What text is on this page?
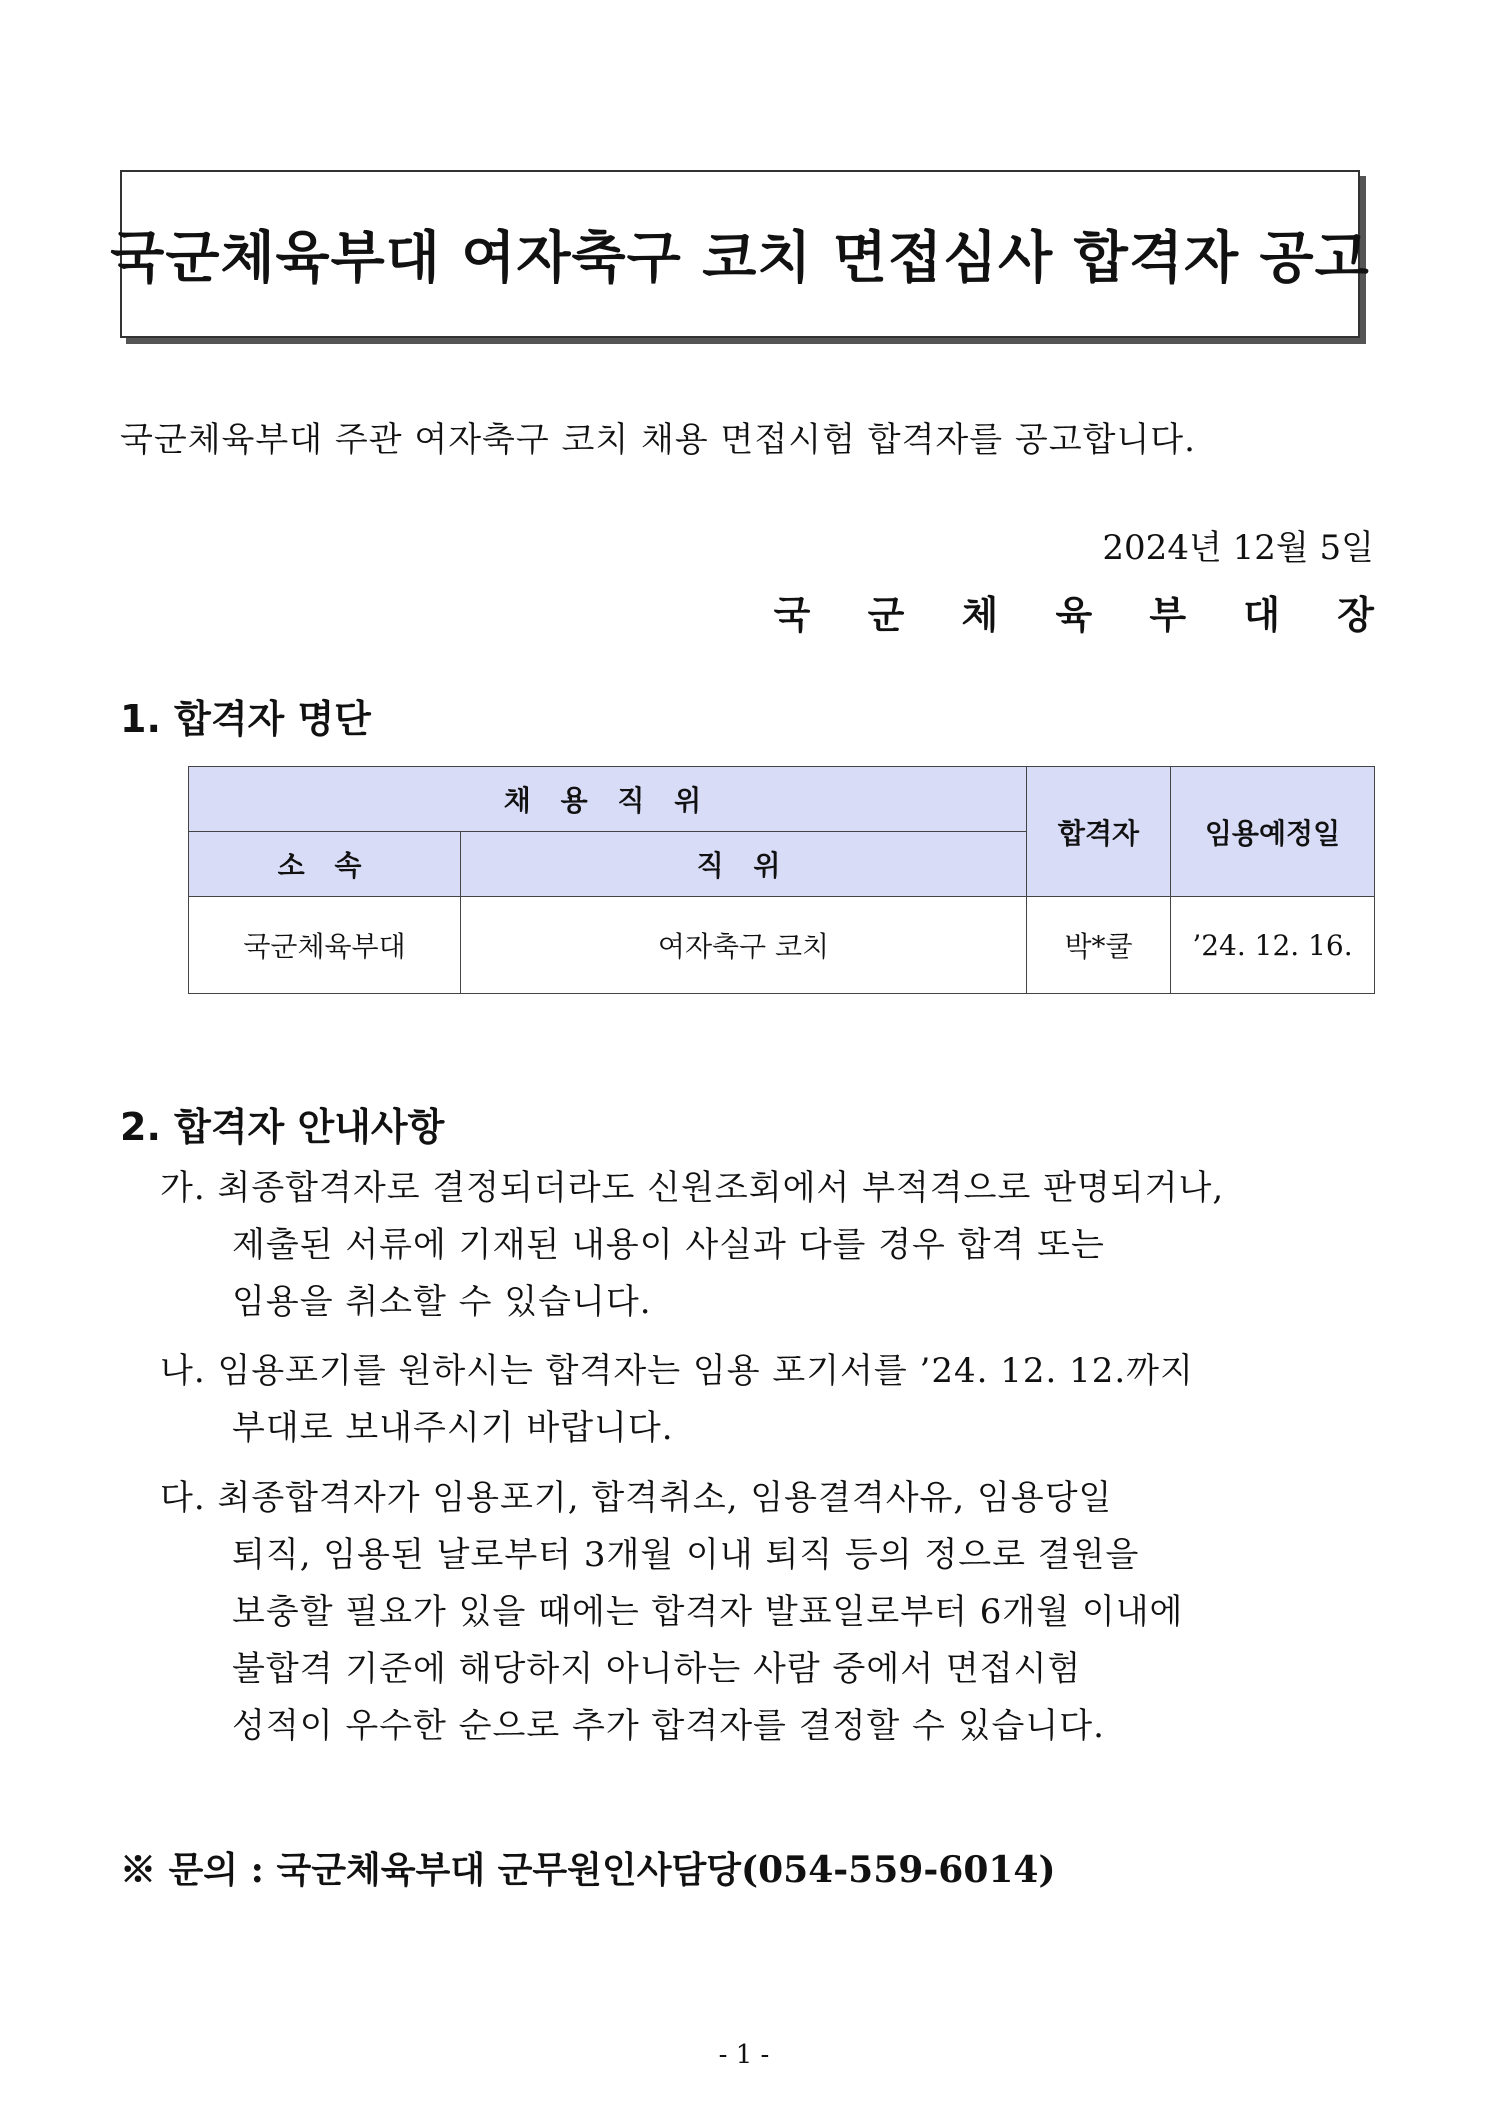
국군체육부대 여자축구 코치 면접심사 합격자 공고
국군체육부대 주관 여자축구 코치 채용 면접시험 합격자를 공고합니다.
2024년 12월 5일
국 군 체 육 부 대 장
1. 합격자 명단
채 용 직 위		합격자	임용예정일
소 속	직 위		
국군체육부대	여자축구 코치	박*쿨	’24. 12. 16.
2. 합격자 안내사항
가. 최종합격자로 결정되더라도 신원조회에서 부적격으로 판명되거나,
제출된 서류에 기재된 내용이 사실과 다를 경우 합격 또는
임용을 취소할 수 있습니다.
나. 임용포기를 원하시는 합격자는 임용 포기서를 ’24. 12. 12.까지
부대로 보내주시기 바랍니다.
다. 최종합격자가 임용포기, 합격취소, 임용결격사유, 임용당일
퇴직, 임용된 날로부터 3개월 이내 퇴직 등의 정으로 결원을
보충할 필요가 있을 때에는 합격자 발표일로부터 6개월 이내에
불합격 기준에 해당하지 아니하는 사람 중에서 면접시험
성적이 우수한 순으로 추가 합격자를 결정할 수 있습니다.
※ 문의 : 국군체육부대 군무원인사담당(054-559-6014)
- 1 -
